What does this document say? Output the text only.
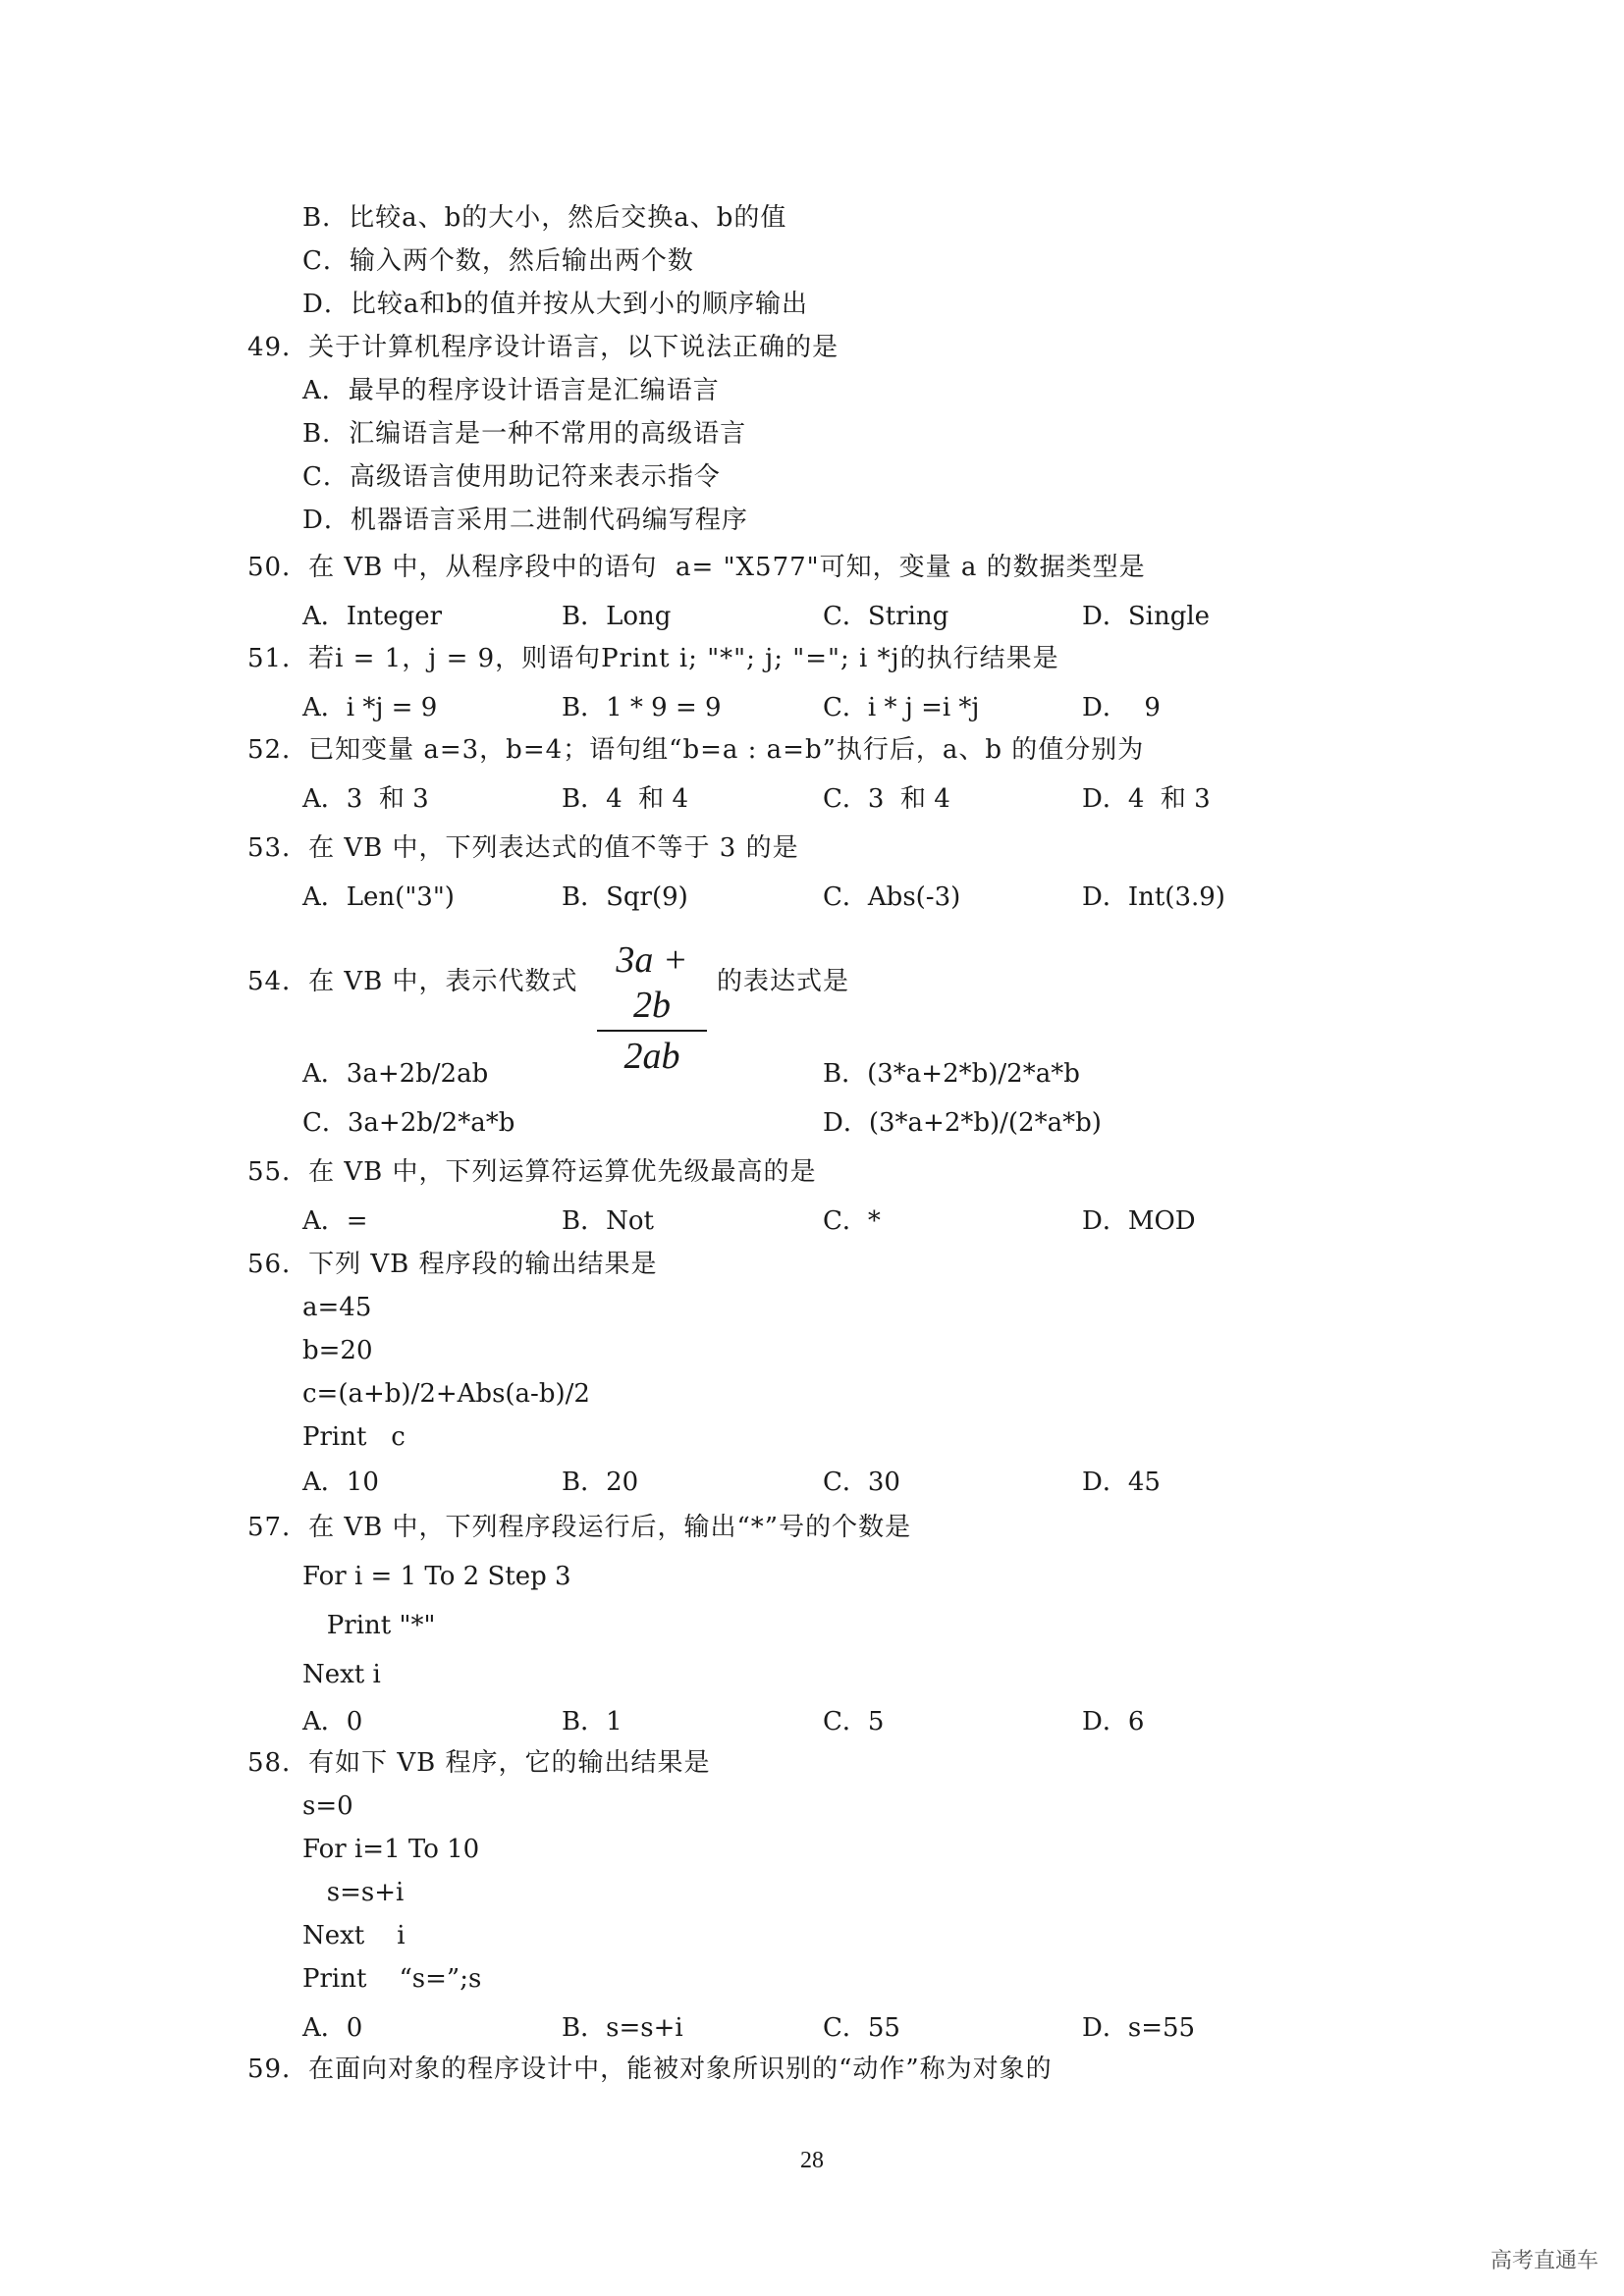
B．比较a、b的大小，然后交换a、b的值
C．输入两个数，然后输出两个数
D．比较a和b的值并按从大到小的顺序输出
49．关于计算机程序设计语言，以下说法正确的是
A．最早的程序设计语言是汇编语言
B．汇编语言是一种不常用的高级语言
C．高级语言使用助记符来表示指令
D．机器语言采用二进制代码编写程序
50．在 VB 中，从程序段中的语句  a= "X577"可知，变量 a 的数据类型是
A．Integer	B．Long	C．String	D．Single
51．若i = 1，j = 9，则语句Print i; "*"; j; "="; i *j的执行结果是
A．i *j = 9	B．1 * 9 = 9	C．i * j =i *j	D．  9
52．已知变量 a=3，b=4；语句组“b=a : a=b”执行后，a、b 的值分别为
A．3  和 3	B．4  和 4	C．3  和 4	D．4  和 3
53．在 VB 中，下列表达式的值不等于 3 的是
A．Len("3")	B．Sqr(9)	C．Abs(-3)	D．Int(3.9)
54．在 VB 中，表示代数式
3a + 2b
2ab
的表达式是
A．3a+2b/2ab	B．(3*a+2*b)/2*a*b
C．3a+2b/2*a*b	D．(3*a+2*b)/(2*a*b)
55．在 VB 中，下列运算符运算优先级最高的是
A．=	B．Not	C．*	D．MOD
56．下列 VB 程序段的输出结果是
a=45
b=20
c=(a+b)/2+Abs(a-b)/2
Print   c
A．10	B．20	C．30	D．45
57．在 VB 中，下列程序段运行后，输出“*”号的个数是
For i = 1 To 2 Step 3
Print "*"
Next i
A．0	B．1	C．5	D．6
58．有如下 VB 程序，它的输出结果是
s=0
For i=1 To 10
s=s+i
Next    i
Print    “s=”;s
A．0	B．s=s+i	C．55	D．s=55
59．在面向对象的程序设计中，能被对象所识别的“动作”称为对象的
28
高考直通车
